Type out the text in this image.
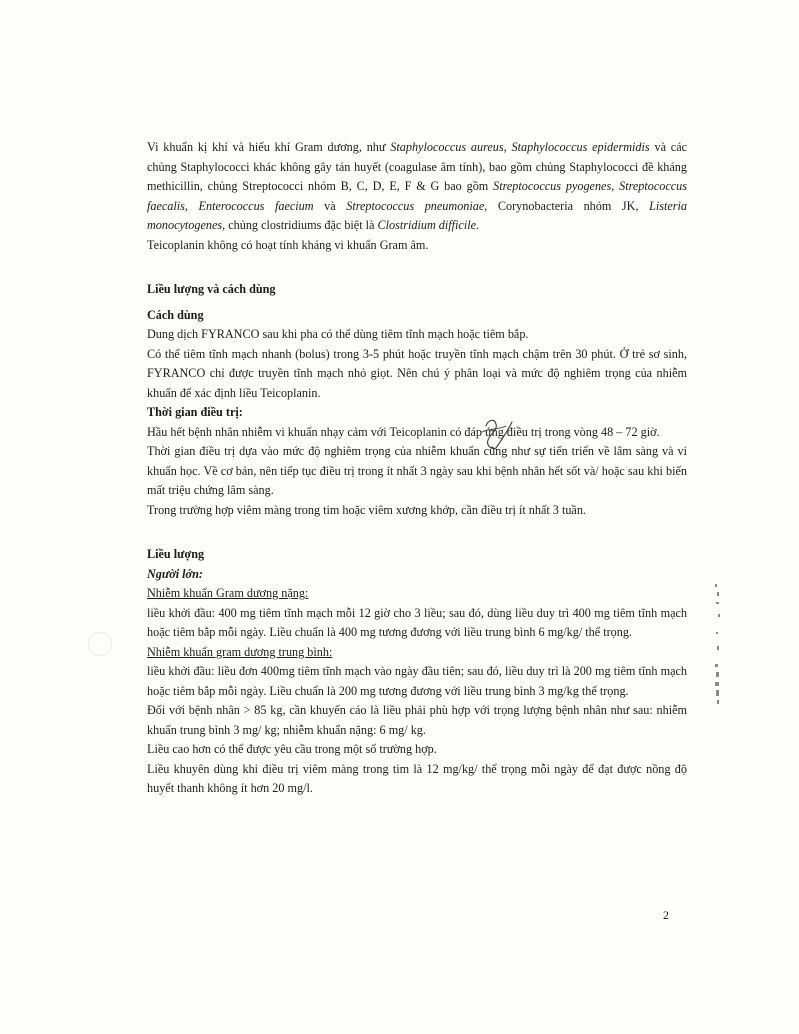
Vi khuẩn kị khí và hiếu khí Gram dương, như Staphylococcus aureus, Staphylococcus epidermidis và các chủng Staphylococci khác không gây tán huyết (coagulase âm tính), bao gồm chủng Staphylococci đề kháng methicillin, chủng Streptococci nhóm B, C, D, E, F & G bao gồm Streptococcus pyogenes, Streptococcus faecalis, Enterococcus faecium và Streptococcus pneumoniae, Corynobacteria nhóm JK, Listeria monocytogenes, chủng clostridiums đặc biệt là Clostridium difficile.

Teicoplanin không có hoạt tính kháng vi khuẩn Gram âm.

Liều lượng và cách dùng

Cách dùng

Dung dịch FYRANCO sau khi pha có thể dùng tiêm tĩnh mạch hoặc tiêm bắp.

Có thể tiêm tĩnh mạch nhanh (bolus) trong 3-5 phút hoặc truyền tĩnh mạch chậm trên 30 phút. Ở trẻ sơ sinh, FYRANCO chỉ được truyền tĩnh mạch nhỏ giọt. Nên chú ý phân loại và mức độ nghiêm trọng của nhiễm khuẩn để xác định liều Teicoplanin.

Thời gian điều trị:

Hầu hết bệnh nhân nhiễm vi khuẩn nhạy cảm với Teicoplanin có đáp ứng điều trị trong vòng 48 – 72 giờ.

Thời gian điều trị dựa vào mức độ nghiêm trọng của nhiễm khuẩn cũng như sự tiến triển về lâm sàng và vi khuẩn học. Về cơ bản, nên tiếp tục điều trị trong ít nhất 3 ngày sau khi bệnh nhân hết sốt và/ hoặc sau khi biến mất triệu chứng lâm sàng.

Trong trường hợp viêm màng trong tim hoặc viêm xương khớp, cần điều trị ít nhất 3 tuần.

Liều lượng

Người lớn:

Nhiễm khuẩn Gram dương nặng:

liều khởi đầu: 400 mg tiêm tĩnh mạch mỗi 12 giờ cho 3 liều; sau đó, dùng liều duy trì 400 mg tiêm tĩnh mạch hoặc tiêm bắp mỗi ngày. Liều chuẩn là 400 mg tương đương với liều trung bình 6 mg/kg/ thể trọng.

Nhiễm khuẩn gram dương trung bình:

liều khởi đầu: liều đơn 400mg tiêm tĩnh mạch vào ngày đầu tiên; sau đó, liều duy trì là 200 mg tiêm tĩnh mạch hoặc tiêm bắp mỗi ngày. Liều chuẩn là 200 mg tương đương với liều trung bình 3 mg/kg thể trọng.

Đối với bệnh nhân > 85 kg, cần khuyến cáo là liều phải phù hợp với trọng lượng bệnh nhân như sau: nhiễm khuẩn trung bình 3 mg/ kg; nhiễm khuẩn nặng: 6 mg/ kg.

Liều cao hơn có thể được yêu cầu trong một số trường hợp.

Liều khuyên dùng khi điều trị viêm màng trong tim là 12 mg/kg/ thể trọng mỗi ngày để đạt được nồng độ huyết thanh không ít hơn 20 mg/l.

2
